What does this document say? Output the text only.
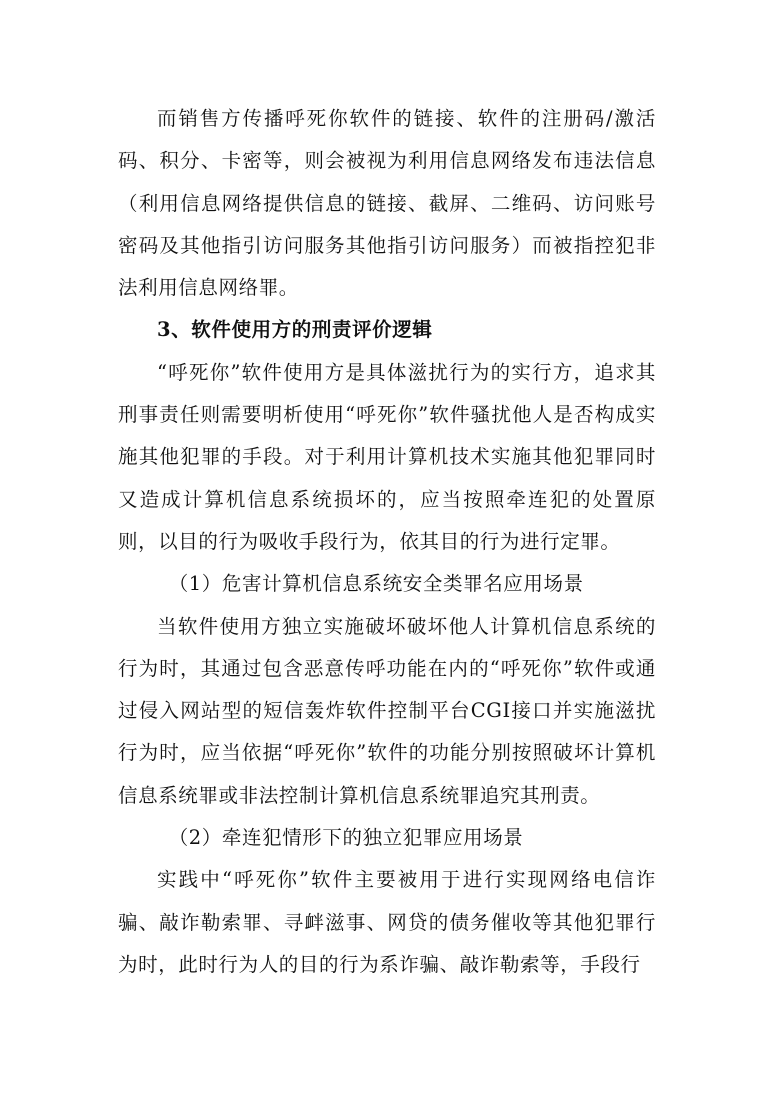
而销售方传播呼死你软件的链接、软件的注册码/激活码、积分、卡密等，则会被视为利用信息网络发布违法信息（利用信息网络提供信息的链接、截屏、二维码、访问账号密码及其他指引访问服务其他指引访问服务）而被指控犯非法利用信息网络罪。

3、软件使用方的刑责评价逻辑

“呼死你”软件使用方是具体滋扰行为的实行方，追求其刑事责任则需要明析使用“呼死你”软件骚扰他人是否构成实施其他犯罪的手段。对于利用计算机技术实施其他犯罪同时又造成计算机信息系统损坏的，应当按照牵连犯的处置原则，以目的行为吸收手段行为，依其目的行为进行定罪。

（1）危害计算机信息系统安全类罪名应用场景

当软件使用方独立实施破坏破坏他人计算机信息系统的行为时，其通过包含恶意传呼功能在内的“呼死你”软件或通过侵入网站型的短信轰炸软件控制平台CGI接口并实施滋扰行为时，应当依据“呼死你”软件的功能分别按照破坏计算机信息系统罪或非法控制计算机信息系统罪追究其刑责。

（2）牵连犯情形下的独立犯罪应用场景

实践中“呼死你”软件主要被用于进行实现网络电信诈骗、敲诈勒索罪、寻衅滋事、网贷的债务催收等其他犯罪行为时，此时行为人的目的行为系诈骗、敲诈勒索等，手段行
